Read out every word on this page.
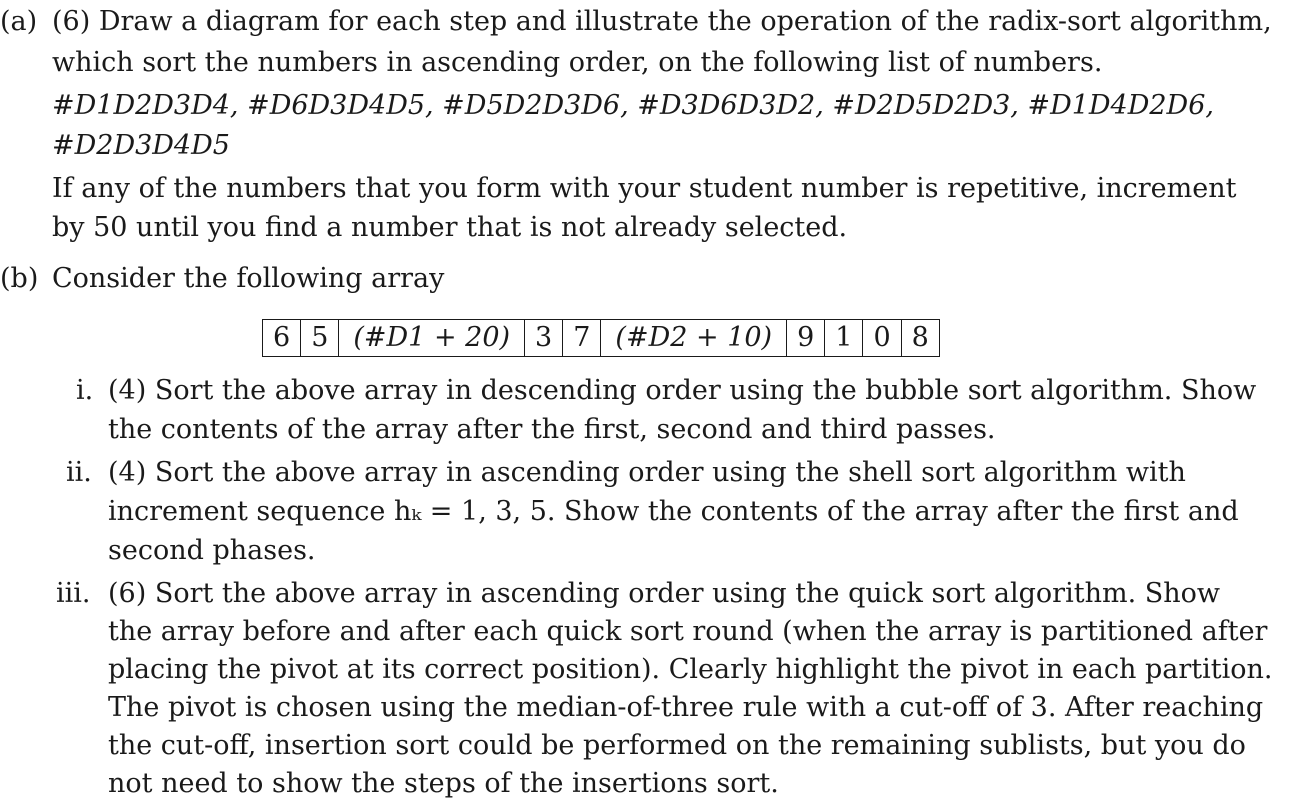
(a) (6) Draw a diagram for each step and illustrate the operation of the radix-sort algorithm,
which sort the numbers in ascending order, on the following list of numbers.
#D1D2D3D4, #D6D3D4D5, #D5D2D3D6, #D3D6D3D2, #D2D5D2D3, #D1D4D2D6,
#D2D3D4D5
If any of the numbers that you form with your student number is repetitive, increment
by 50 until you find a number that is not already selected.
(b) Consider the following array
6	5	(#D1 + 20)	3	7	(#D2 + 10)	9	1	0	8
i. (4) Sort the above array in descending order using the bubble sort algorithm. Show
the contents of the array after the first, second and third passes.
ii. (4) Sort the above array in ascending order using the shell sort algorithm with
increment sequence hₖ = 1, 3, 5. Show the contents of the array after the first and
second phases.
iii. (6) Sort the above array in ascending order using the quick sort algorithm. Show
the array before and after each quick sort round (when the array is partitioned after
placing the pivot at its correct position). Clearly highlight the pivot in each partition.
The pivot is chosen using the median-of-three rule with a cut-off of 3. After reaching
the cut-off, insertion sort could be performed on the remaining sublists, but you do
not need to show the steps of the insertions sort.
